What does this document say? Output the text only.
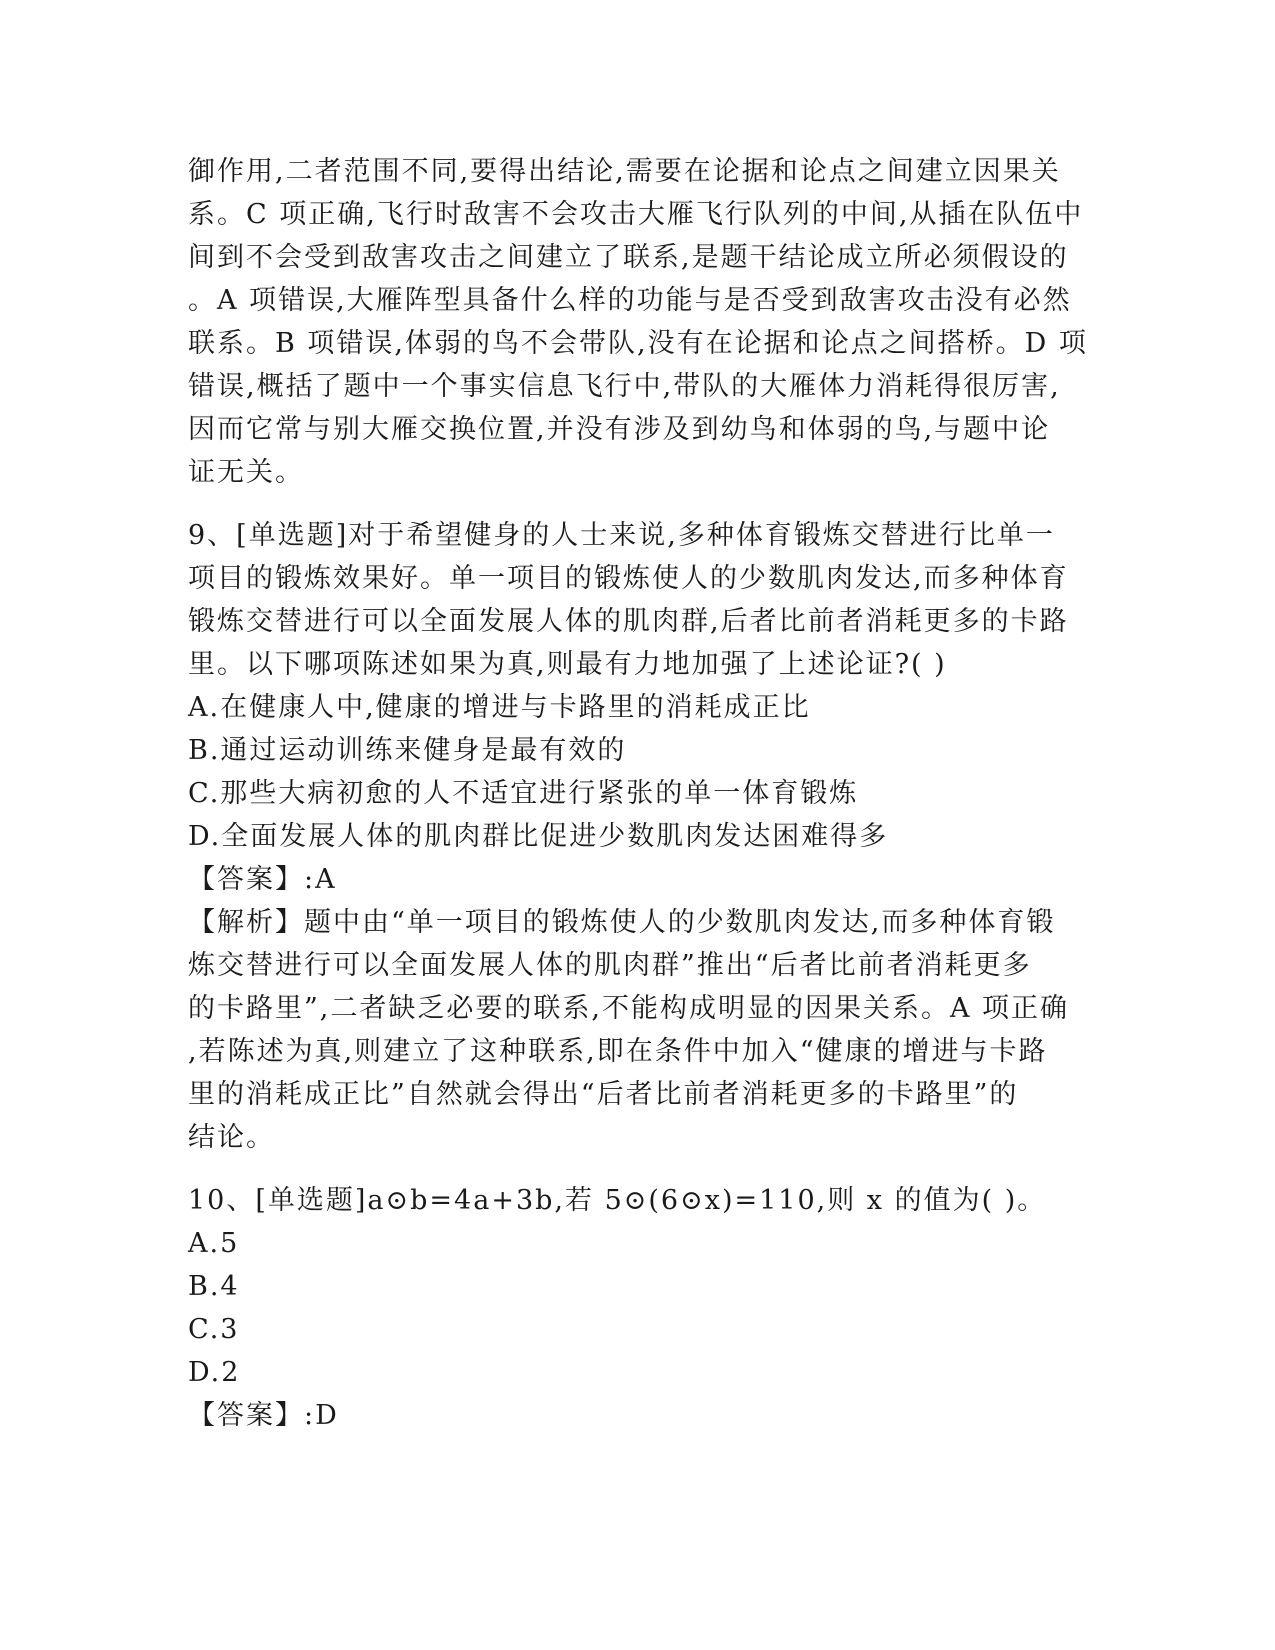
御作用,二者范围不同,要得出结论,需要在论据和论点之间建立因果关
系。C 项正确,飞行时敌害不会攻击大雁飞行队列的中间,从插在队伍中
间到不会受到敌害攻击之间建立了联系,是题干结论成立所必须假设的
。A 项错误,大雁阵型具备什么样的功能与是否受到敌害攻击没有必然
联系。B 项错误,体弱的鸟不会带队,没有在论据和论点之间搭桥。D 项
错误,概括了题中一个事实信息飞行中,带队的大雁体力消耗得很厉害,
因而它常与别大雁交换位置,并没有涉及到幼鸟和体弱的鸟,与题中论
证无关。
9、[单选题]对于希望健身的人士来说,多种体育锻炼交替进行比单一
项目的锻炼效果好。单一项目的锻炼使人的少数肌肉发达,而多种体育
锻炼交替进行可以全面发展人体的肌肉群,后者比前者消耗更多的卡路
里。以下哪项陈述如果为真,则最有力地加强了上述论证?( )
A.在健康人中,健康的增进与卡路里的消耗成正比
B.通过运动训练来健身是最有效的
C.那些大病初愈的人不适宜进行紧张的单一体育锻炼
D.全面发展人体的肌肉群比促进少数肌肉发达困难得多
【答案】:A
【解析】题中由“单一项目的锻炼使人的少数肌肉发达,而多种体育锻
炼交替进行可以全面发展人体的肌肉群”推出“后者比前者消耗更多
的卡路里”,二者缺乏必要的联系,不能构成明显的因果关系。A 项正确
,若陈述为真,则建立了这种联系,即在条件中加入“健康的增进与卡路
里的消耗成正比”自然就会得出“后者比前者消耗更多的卡路里”的
结论。
10、[单选题]a⊙b=4a+3b,若 5⊙(6⊙x)=110,则 x 的值为( )。
A.5
B.4
C.3
D.2
【答案】:D
